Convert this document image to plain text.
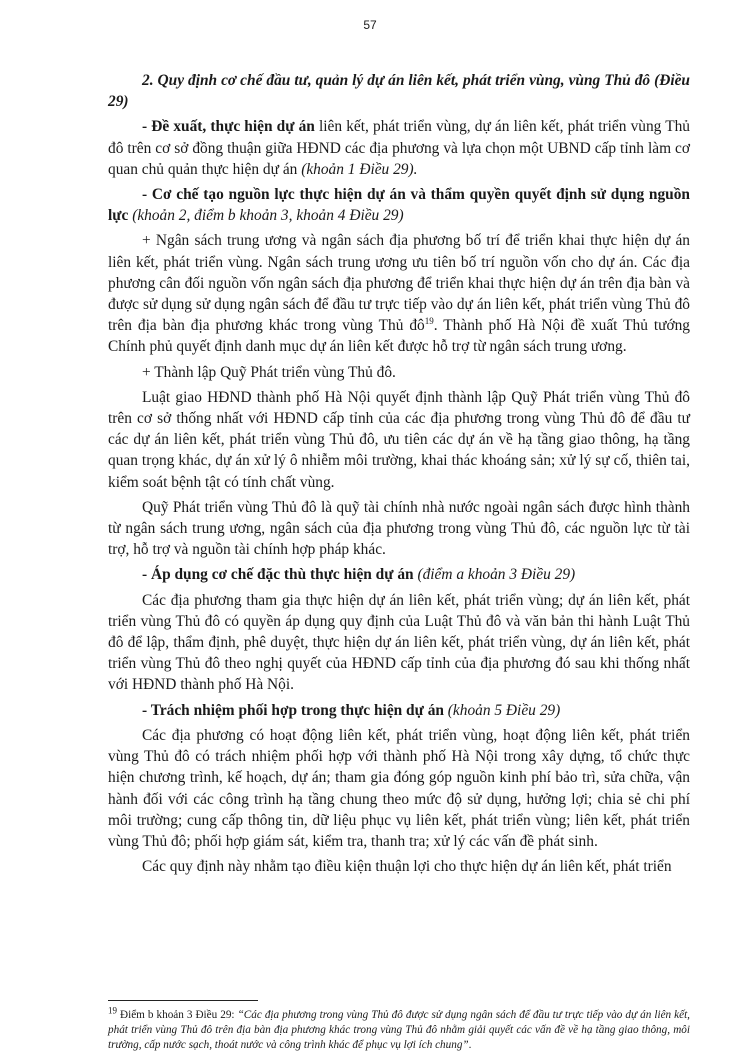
57

2. Quy định cơ chế đầu tư, quản lý dự án liên kết, phát triển vùng, vùng Thủ đô (Điều 29)

- Đề xuất, thực hiện dự án liên kết, phát triển vùng, dự án liên kết, phát triển vùng Thủ đô trên cơ sở đồng thuận giữa HĐND các địa phương và lựa chọn một UBND cấp tỉnh làm cơ quan chủ quản thực hiện dự án (khoản 1 Điều 29).

- Cơ chế tạo nguồn lực thực hiện dự án và thẩm quyền quyết định sử dụng nguồn lực (khoản 2, điểm b khoản 3, khoản 4 Điều 29)

+ Ngân sách trung ương và ngân sách địa phương bố trí để triển khai thực hiện dự án liên kết, phát triển vùng. Ngân sách trung ương ưu tiên bố trí nguồn vốn cho dự án. Các địa phương cân đối nguồn vốn ngân sách địa phương để triển khai thực hiện dự án trên địa bàn và được sử dụng sử dụng ngân sách để đầu tư trực tiếp vào dự án liên kết, phát triển vùng Thủ đô trên địa bàn địa phương khác trong vùng Thủ $đô^{19}$. Thành phố Hà Nội đề xuất Thủ tướng Chính phủ quyết định danh mục dự án liên kết được hỗ trợ từ ngân sách trung ương.

+ Thành lập Quỹ Phát triển vùng Thủ đô.

Luật giao HĐND thành phố Hà Nội quyết định thành lập Quỹ Phát triển vùng Thủ đô trên cơ sở thống nhất với HĐND cấp tỉnh của các địa phương trong vùng Thủ đô để đầu tư các dự án liên kết, phát triển vùng Thủ đô, ưu tiên các dự án về hạ tầng giao thông, hạ tầng quan trọng khác, dự án xử lý ô nhiễm môi trường, khai thác khoáng sản; xử lý sự cố, thiên tai, kiểm soát bệnh tật có tính chất vùng.

Quỹ Phát triển vùng Thủ đô là quỹ tài chính nhà nước ngoài ngân sách được hình thành từ ngân sách trung ương, ngân sách của địa phương trong vùng Thủ đô, các nguồn lực từ tài trợ, hỗ trợ và nguồn tài chính hợp pháp khác.

- Áp dụng cơ chế đặc thù thực hiện dự án (điểm a khoản 3 Điều 29)

Các địa phương tham gia thực hiện dự án liên kết, phát triển vùng; dự án liên kết, phát triển vùng Thủ đô có quyền áp dụng quy định của Luật Thủ đô và văn bản thi hành Luật Thủ đô để lập, thẩm định, phê duyệt, thực hiện dự án liên kết, phát triển vùng, dự án liên kết, phát triển vùng Thủ đô theo nghị quyết của HĐND cấp tỉnh của địa phương đó sau khi thống nhất với HĐND thành phố Hà Nội.

- Trách nhiệm phối hợp trong thực hiện dự án (khoản 5 Điều 29)

Các địa phương có hoạt động liên kết, phát triển vùng, hoạt động liên kết, phát triển vùng Thủ đô có trách nhiệm phối hợp với thành phố Hà Nội trong xây dựng, tổ chức thực hiện chương trình, kế hoạch, dự án; tham gia đóng góp nguồn kinh phí bảo trì, sửa chữa, vận hành đối với các công trình hạ tầng chung theo mức độ sử dụng, hưởng lợi; chia sẻ chi phí môi trường; cung cấp thông tin, dữ liệu phục vụ liên kết, phát triển vùng; liên kết, phát triển vùng Thủ đô; phối hợp giám sát, kiểm tra, thanh tra; xử lý các vấn đề phát sinh.

Các quy định này nhằm tạo điều kiện thuận lợi cho thực hiện dự án liên kết, phát triển

$^{19}$ Điểm b khoản 3 Điều 29: “Các địa phương trong vùng Thủ đô được sử dụng ngân sách để đầu tư trực tiếp vào dự án liên kết, phát triển vùng Thủ đô trên địa bàn địa phương khác trong vùng Thủ đô nhằm giải quyết các vấn đề về hạ tầng giao thông, môi trường, cấp nước sạch, thoát nước và công trình khác để phục vụ lợi ích chung”.
